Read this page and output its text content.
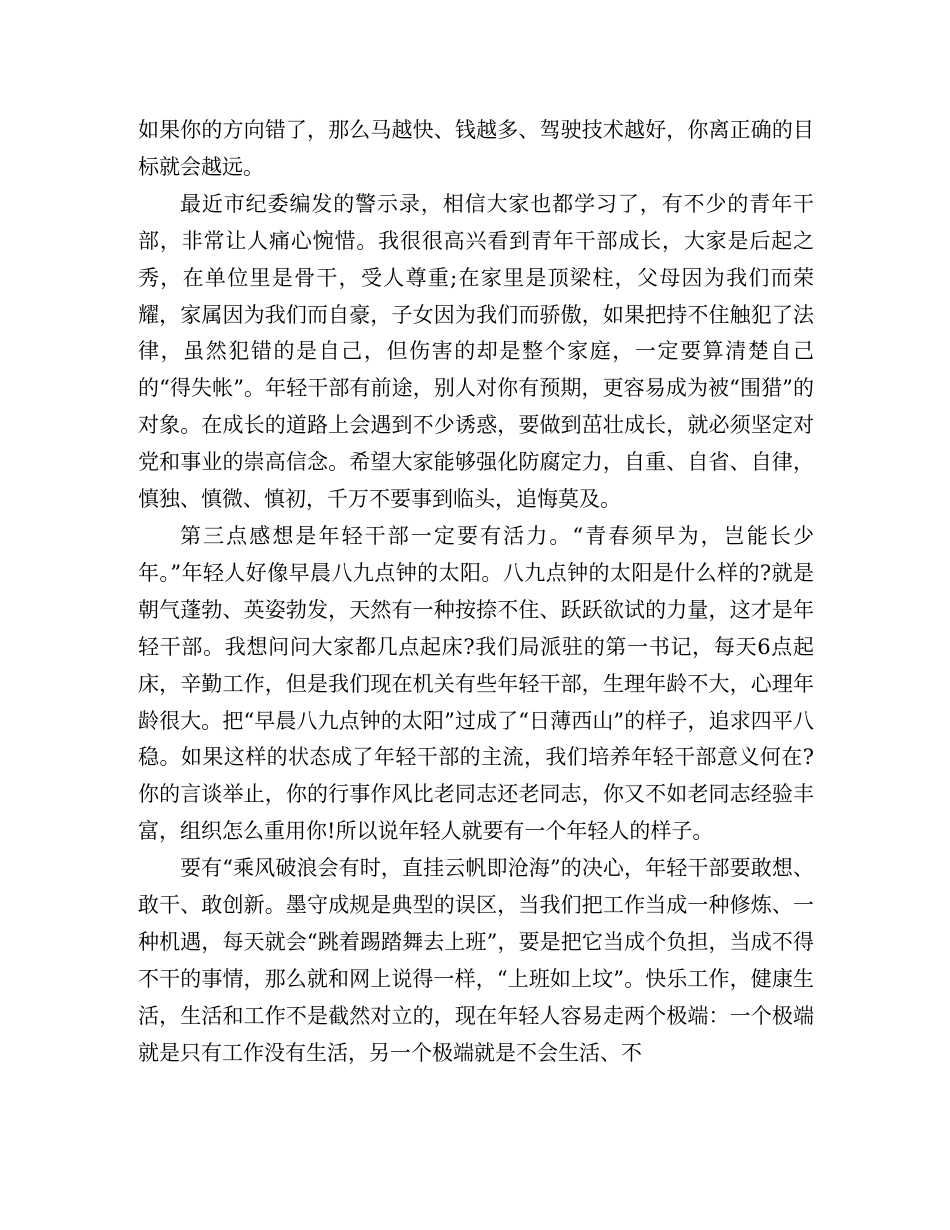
如果你的方向错了，那么马越快、钱越多、驾驶技术越好，你离正确的目标就会越远。

最近市纪委编发的警示录，相信大家也都学习了，有不少的青年干部，非常让人痛心惋惜。我很很高兴看到青年干部成长，大家是后起之秀，在单位里是骨干，受人尊重;在家里是顶梁柱，父母因为我们而荣耀，家属因为我们而自豪，子女因为我们而骄傲，如果把持不住触犯了法律，虽然犯错的是自己，但伤害的却是整个家庭，一定要算清楚自己的“得失帐”。年轻干部有前途，别人对你有预期，更容易成为被“围猎”的对象。在成长的道路上会遇到不少诱惑，要做到茁壮成长，就必须坚定对党和事业的崇高信念。希望大家能够强化防腐定力，自重、自省、自律，慎独、慎微、慎初，千万不要事到临头，追悔莫及。

第三点感想是年轻干部一定要有活力。“青春须早为，岂能长少年。”年轻人好像早晨八九点钟的太阳。八九点钟的太阳是什么样的?就是朝气蓬勃、英姿勃发，天然有一种按捺不住、跃跃欲试的力量，这才是年轻干部。我想问问大家都几点起床?我们局派驻的第一书记，每天6点起床，辛勤工作，但是我们现在机关有些年轻干部，生理年龄不大，心理年龄很大。把“早晨八九点钟的太阳”过成了“日薄西山”的样子，追求四平八稳。如果这样的状态成了年轻干部的主流，我们培养年轻干部意义何在?你的言谈举止，你的行事作风比老同志还老同志，你又不如老同志经验丰富，组织怎么重用你!所以说年轻人就要有一个年轻人的样子。

要有“乘风破浪会有时，直挂云帆即沧海”的决心，年轻干部要敢想、敢干、敢创新。墨守成规是典型的误区，当我们把工作当成一种修炼、一种机遇，每天就会“跳着踢踏舞去上班”，要是把它当成个负担，当成不得不干的事情，那么就和网上说得一样，“上班如上坟”。快乐工作，健康生活，生活和工作不是截然对立的，现在年轻人容易走两个极端：一个极端就是只有工作没有生活，另一个极端就是不会生活、不
